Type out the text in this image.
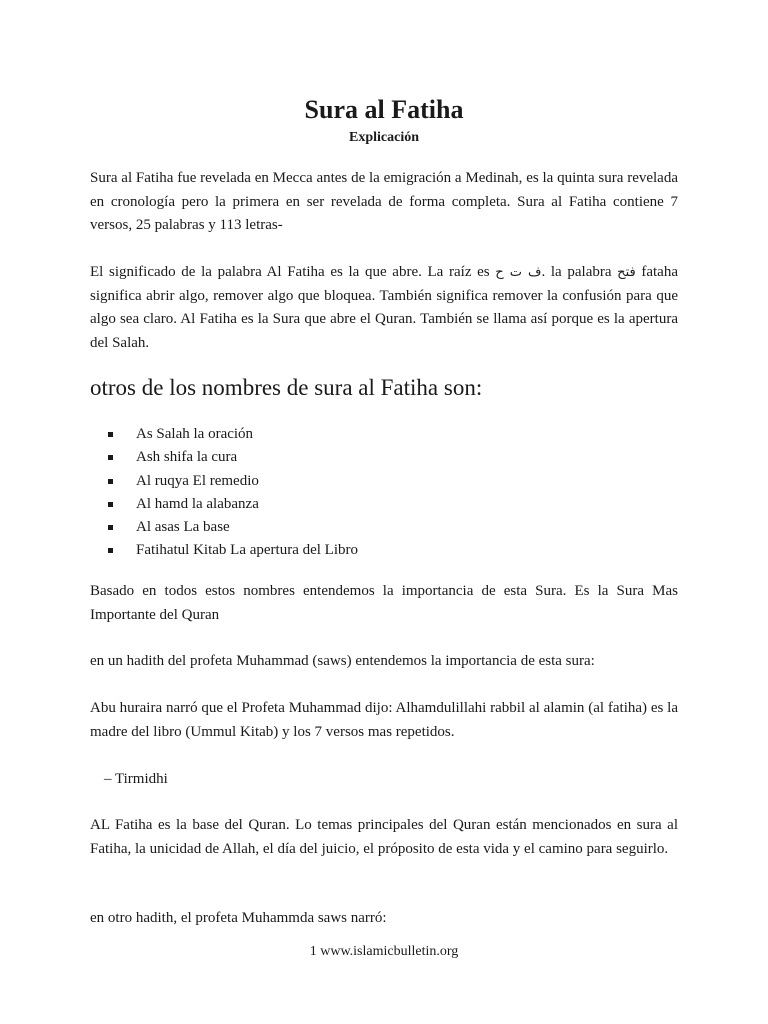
Sura al Fatiha
Explicación

Sura al Fatiha fue revelada en Mecca antes de la emigración a Medinah, es la quinta sura revelada en cronología pero la primera en ser revelada de forma completa. Sura al Fatiha contiene 7 versos, 25 palabras y 113 letras-

El significado de la palabra Al Fatiha es la que abre. La raíz es ف ت ح. la palabra فتح fataha significa abrir algo, remover algo que bloquea. También significa remover la confusión para que algo sea claro. Al Fatiha es la Sura que abre el Quran. También se llama así porque es la apertura del Salah.

otros de los nombres de sura al Fatiha son:
As Salah la oración
Ash shifa la cura
Al ruqya El remedio
Al hamd la alabanza
Al asas La base
Fatihatul Kitab La apertura del Libro

Basado en todos estos nombres entendemos la importancia de esta Sura. Es la Sura Mas Importante del Quran

en un hadith del profeta Muhammad (saws) entendemos la importancia de esta sura:

Abu huraira narró que el Profeta Muhammad dijo: Alhamdulillahi rabbil al alamin (al fatiha) es la madre del libro (Ummul Kitab) y los 7 versos mas repetidos.

– Tirmidhi

AL Fatiha es la base del Quran. Lo temas principales del Quran están mencionados en sura al Fatiha, la unicidad de Allah, el día del juicio, el próposito de esta vida y el camino para seguirlo.

en otro hadith, el profeta Muhammda saws narró:

1 www.islamicbulletin.org
